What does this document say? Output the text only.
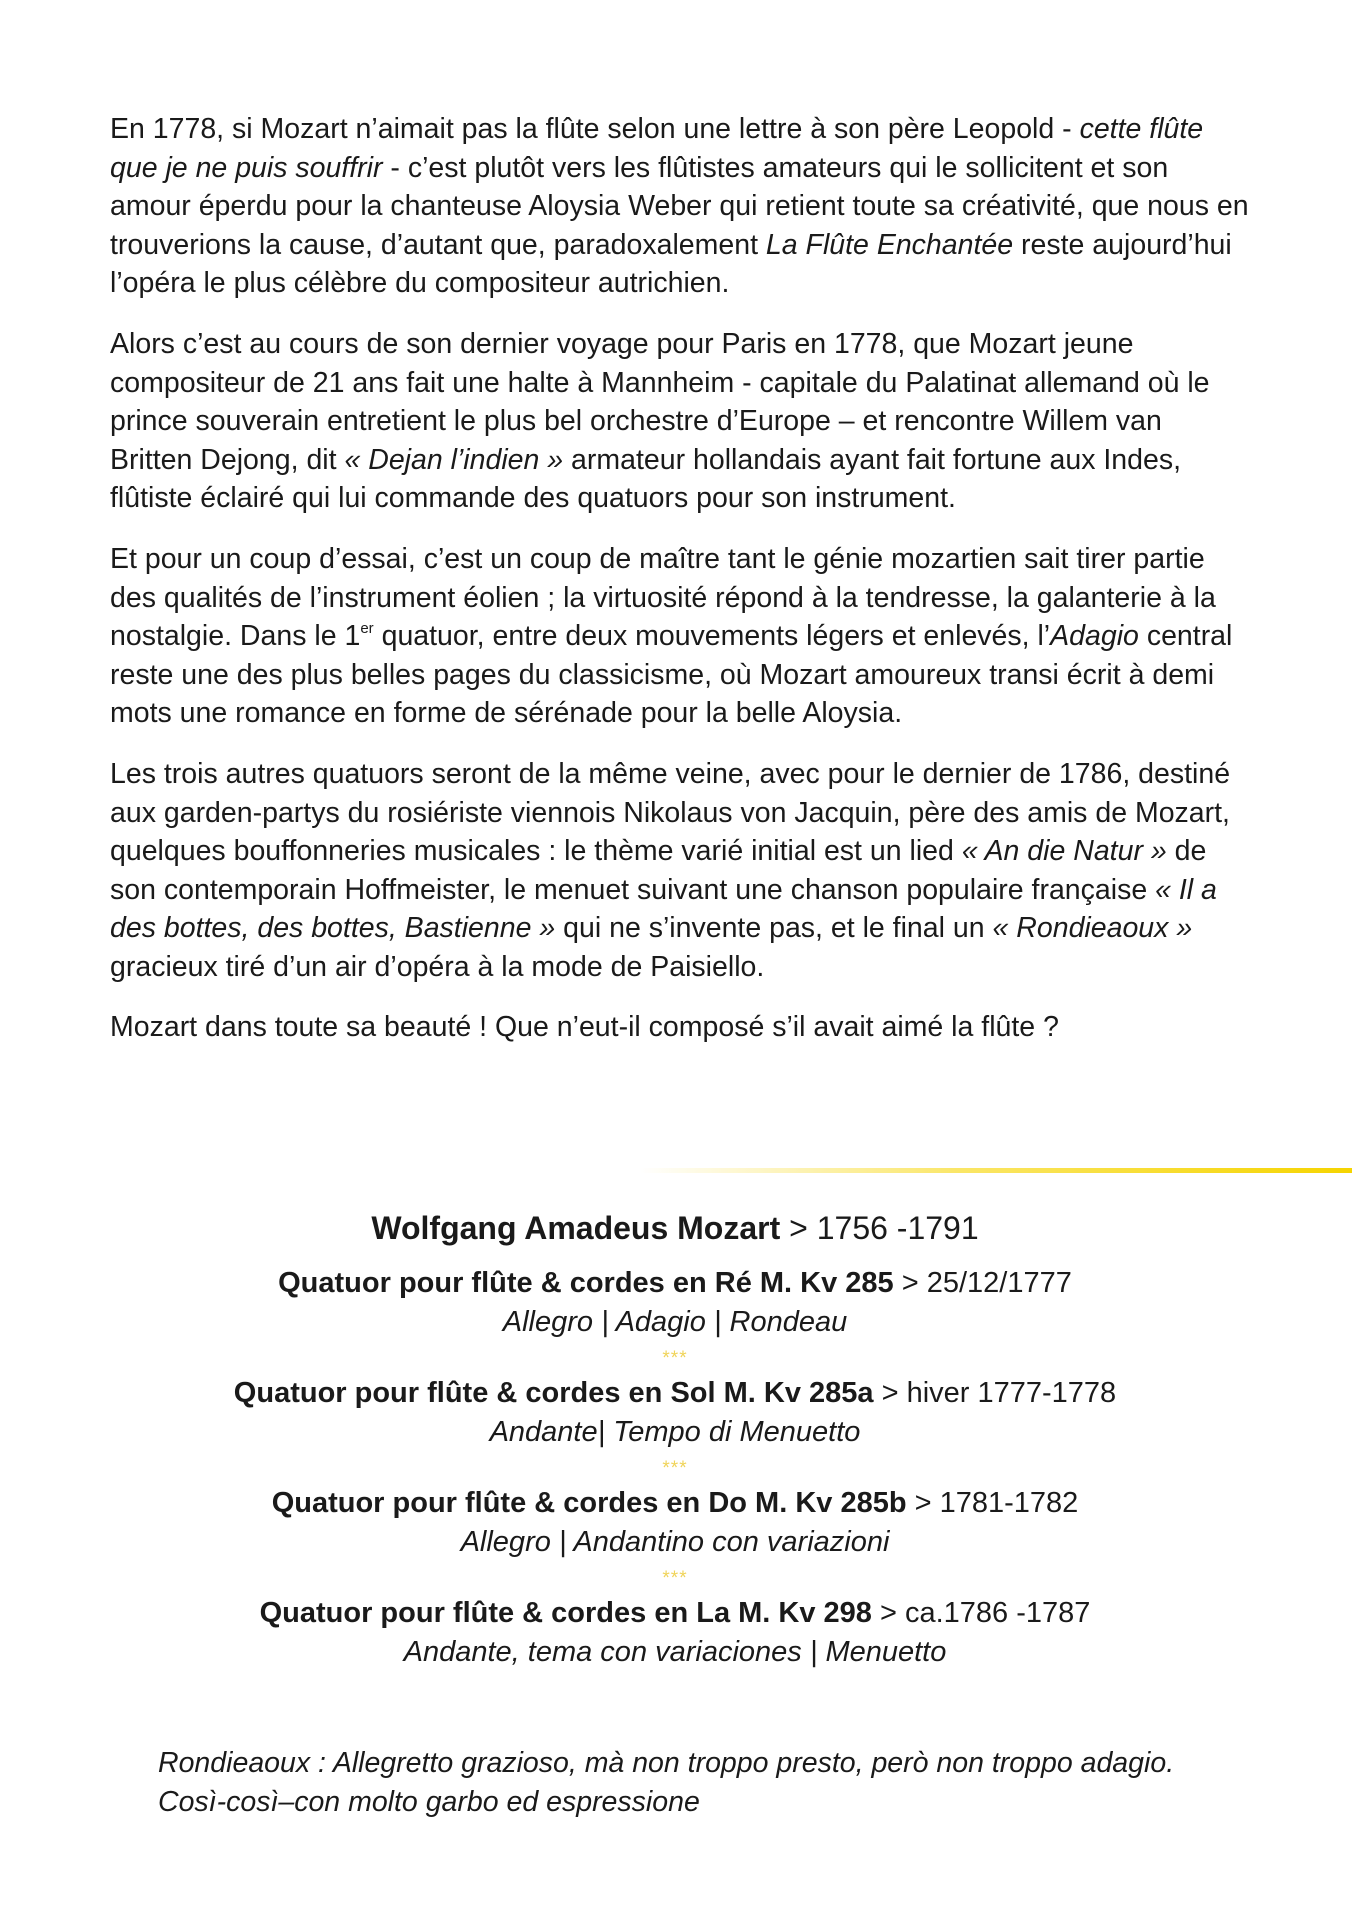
En 1778, si Mozart n’aimait pas la flûte selon une lettre à son père Leopold - cette flûte que je ne puis souffrir - c’est plutôt vers les flûtistes amateurs qui le sollicitent et son amour éperdu pour la chanteuse Aloysia Weber qui retient toute sa créativité, que nous en trouverions la cause, d’autant que, paradoxalement La Flûte Enchantée reste aujourd’hui l’opéra le plus célèbre du compositeur autrichien.

Alors c’est au cours de son dernier voyage pour Paris en 1778, que Mozart jeune compositeur de 21 ans fait une halte à Mannheim - capitale du Palatinat allemand où le prince souverain entretient le plus bel orchestre d’Europe – et rencontre Willem van Britten Dejong, dit « Dejan l’indien » armateur hollandais ayant fait fortune aux Indes, flûtiste éclairé qui lui commande des quatuors pour son instrument.

Et pour un coup d’essai, c’est un coup de maître tant le génie mozartien sait tirer partie des qualités de l’instrument éolien ; la virtuosité répond à la tendresse, la galanterie à la nostalgie. Dans le 1er quatuor, entre deux mouvements légers et enlevés, l’Adagio central reste une des plus belles pages du classicisme, où Mozart amoureux transi écrit à demi mots une romance en forme de sérénade pour la belle Aloysia.

Les trois autres quatuors seront de la même veine, avec pour le dernier de 1786, destiné aux garden-partys du rosiériste viennois Nikolaus von Jacquin, père des amis de Mozart, quelques bouffonneries musicales : le thème varié initial est un lied « An die Natur » de son contemporain Hoffmeister, le menuet suivant une chanson populaire française « Il a des bottes, des bottes, Bastienne » qui ne s’invente pas, et le final un « Rondieaoux » gracieux tiré d’un air d’opéra à la mode de Paisiello.

Mozart dans toute sa beauté ! Que n’eut-il composé s’il avait aimé la flûte ?

Wolfgang Amadeus Mozart > 1756 -1791
Quatuor pour flûte & cordes en Ré M. Kv 285 > 25/12/1777
Allegro | Adagio | Rondeau
***
Quatuor pour flûte & cordes en Sol M. Kv 285a > hiver 1777-1778
Andante| Tempo di Menuetto
***
Quatuor pour flûte & cordes en Do M. Kv 285b > 1781-1782
Allegro | Andantino con variazioni
***
Quatuor pour flûte & cordes en La M. Kv 298 > ca.1786 -1787
Andante, tema con variaciones | Menuetto
Rondieaoux : Allegretto grazioso, mà non troppo presto, però non troppo adagio.
Così-così–con molto garbo ed espressione
